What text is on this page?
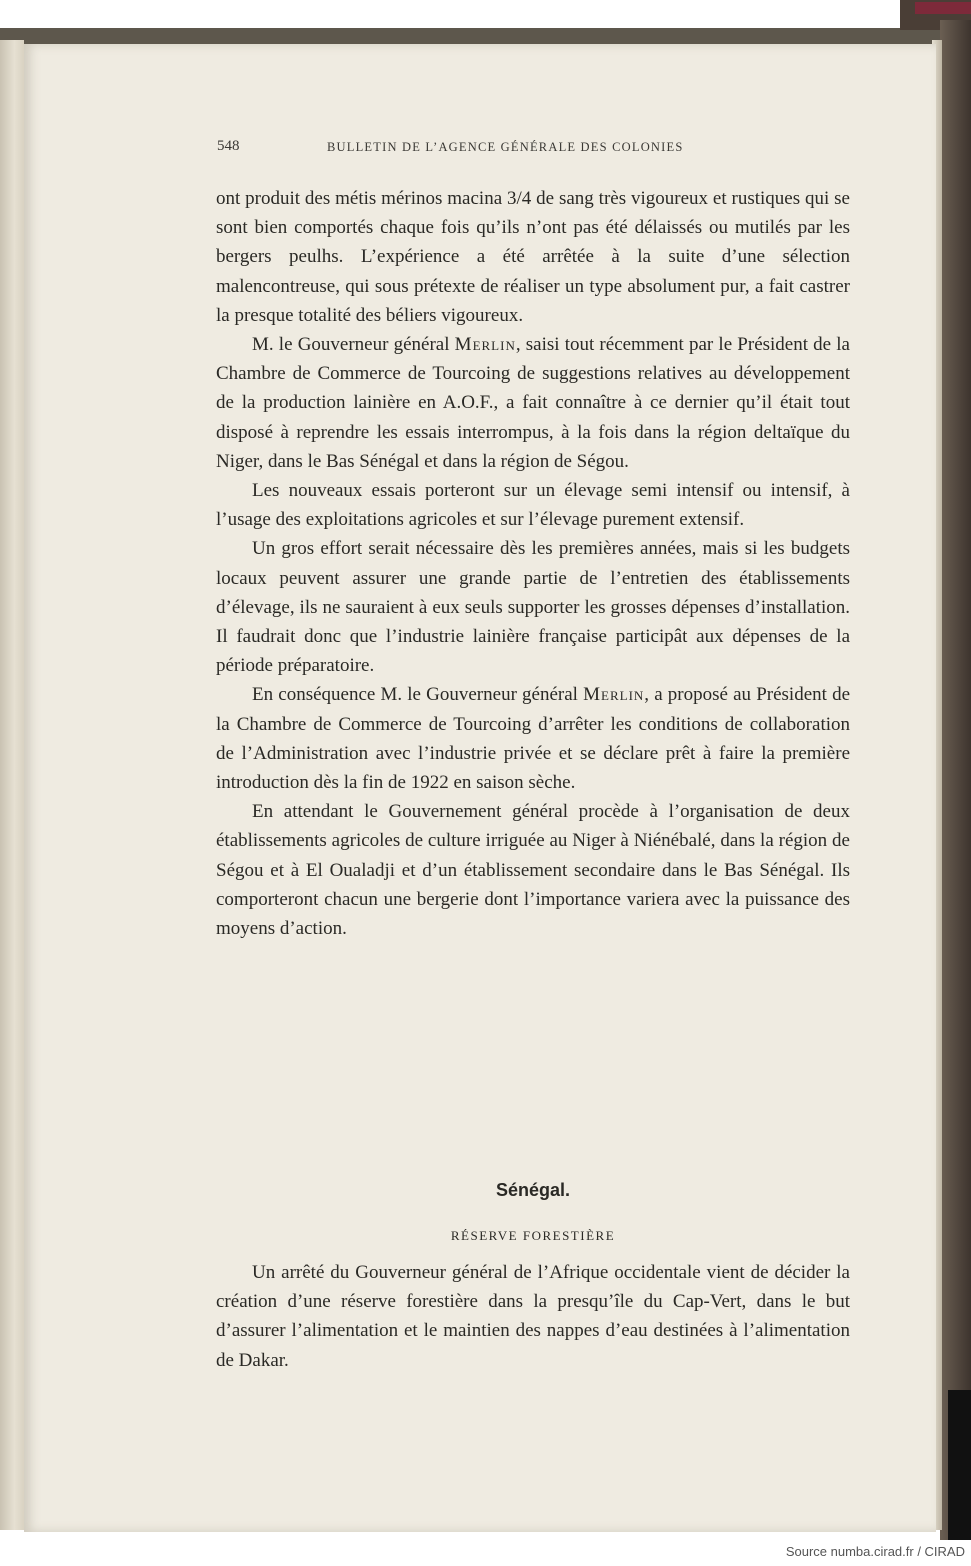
548	BULLETIN DE L’AGENCE GÉNÉRALE DES COLONIES

ont produit des métis mérinos macina 3/4 de sang très vigoureux et rustiques qui se sont bien comportés chaque fois qu’ils n’ont pas été délaissés ou mutilés par les bergers peulhs. L’expérience a été arrêtée à la suite d’une sélection malencontreuse, qui sous prétexte de réaliser un type absolument pur, a fait castrer la presque totalité des béliers vigoureux.

M. le Gouverneur général Merlin, saisi tout récemment par le Président de la Chambre de Commerce de Tourcoing de suggestions relatives au développement de la production lainière en A.O.F., a fait connaître à ce dernier qu’il était tout disposé à reprendre les essais interrompus, à la fois dans la région deltaïque du Niger, dans le Bas Sénégal et dans la région de Ségou.

Les nouveaux essais porteront sur un élevage semi intensif ou intensif, à l’usage des exploitations agricoles et sur l’élevage purement extensif.

Un gros effort serait nécessaire dès les premières années, mais si les budgets locaux peuvent assurer une grande partie de l’entretien des établissements d’élevage, ils ne sauraient à eux seuls supporter les grosses dépenses d’installation. Il faudrait donc que l’industrie lainière française participât aux dépenses de la période préparatoire.

En conséquence M. le Gouverneur général Merlin, a proposé au Président de la Chambre de Commerce de Tourcoing d’arrêter les conditions de collaboration de l’Administration avec l’industrie privée et se déclare prêt à faire la première introduction dès la fin de 1922 en saison sèche.

En attendant le Gouvernement général procède à l’organisation de deux établissements agricoles de culture irriguée au Niger à Niénébalé, dans la région de Ségou et à El Oualadji et d’un établissement secondaire dans le Bas Sénégal. Ils comporteront chacun une bergerie dont l’importance variera avec la puissance des moyens d’action.

Sénégal.
RÉSERVE FORESTIÈRE

Un arrêté du Gouverneur général de l’Afrique occidentale vient de décider la création d’une réserve forestière dans la presqu’île du Cap-Vert, dans le but d’assurer l’alimentation et le maintien des nappes d’eau destinées à l’alimentation de Dakar.

Source numba.cirad.fr / CIRAD
